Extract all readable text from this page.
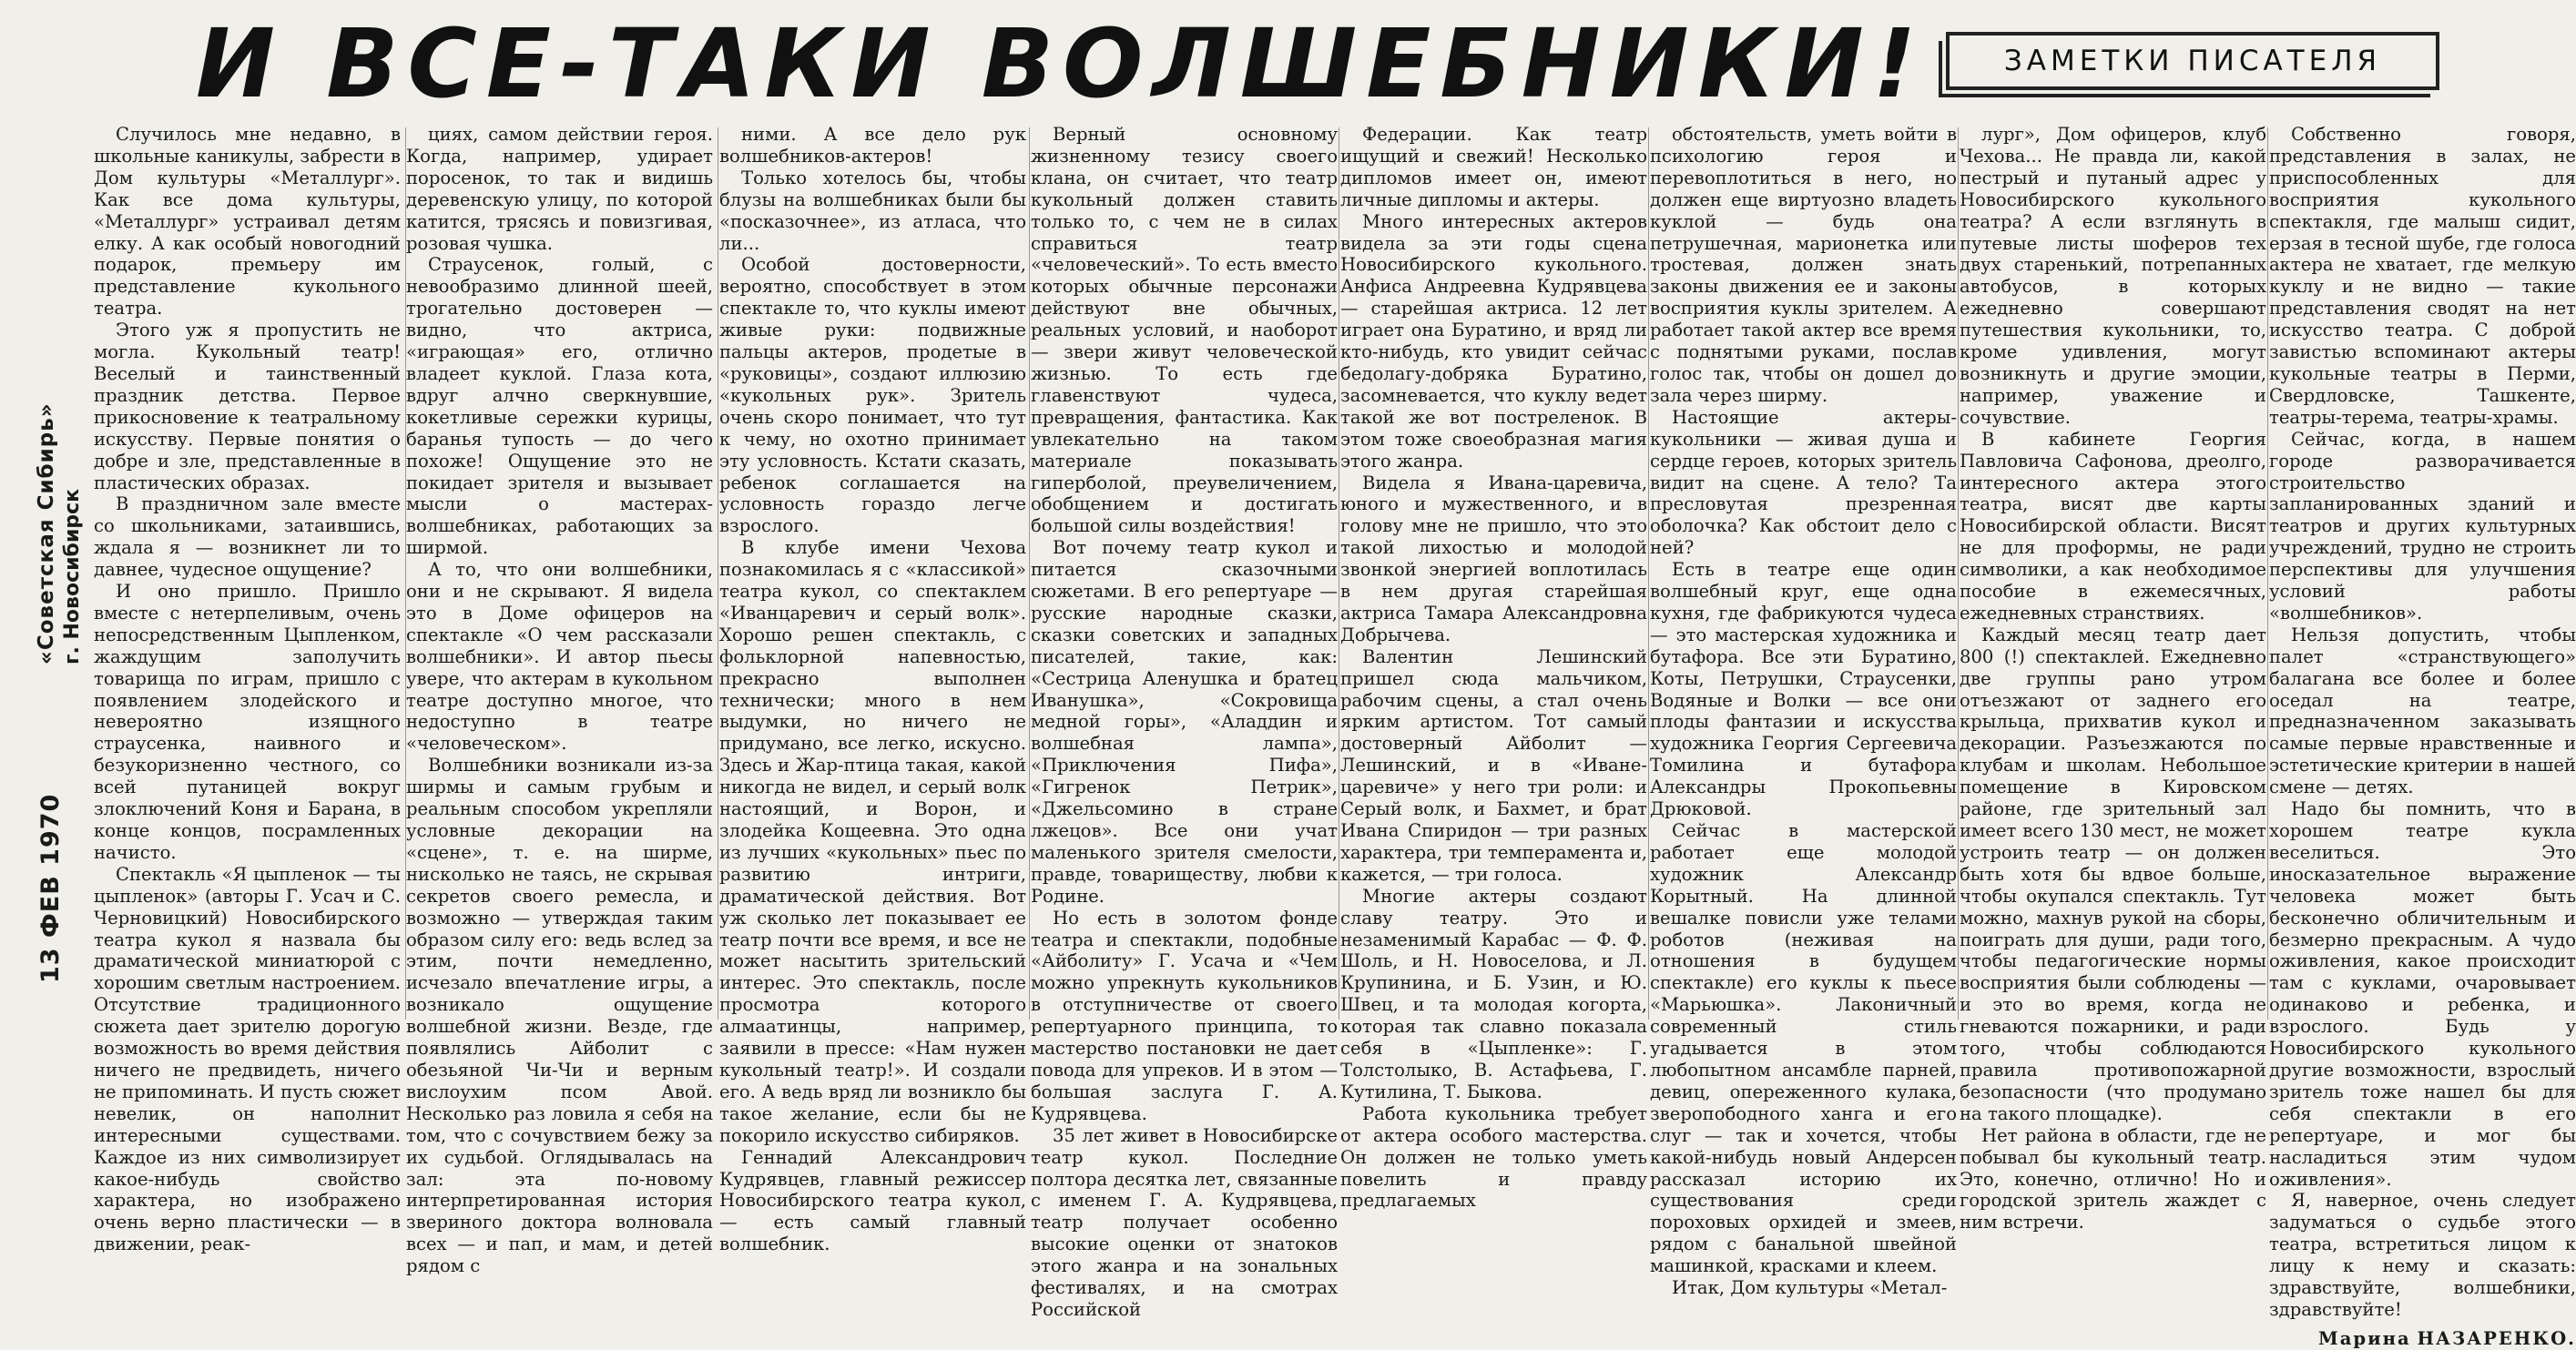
И ВСЕ-ТАКИ ВОЛШЕБНИКИ!	ЗАМЕТКИ ПИСАТЕЛЯ
«Советская Сибирь» г. Новосибирск
13 ФЕВ 1970

Случилось мне недавно, в школьные каникулы, забрести в Дом культуры «Металлург». Как все дома культуры, «Металлург» устраивал детям елку. А как особый новогодний подарок, премьеру им представление кукольного театра.

Этого уж я пропустить не могла. Кукольный театр! Веселый и таинственный праздник детства. Первое прикосновение к театральному искусству. Первые понятия о добре и зле, представленные в пластических образах.

В праздничном зале вместе со школьниками, затаившись, ждала я — возникнет ли то давнее, чудесное ощущение?

И оно пришло. Пришло вместе с нетерпеливым, очень непосредственным Цыпленком, жаждущим заполучить товарища по играм, пришло с появлением злодейского и невероятно изящного страусенка, наивного и безукоризненно честного, со всей путаницей вокруг злоключений Коня и Барана, в конце концов, посрамленных начисто.

Спектакль «Я цыпленок — ты цыпленок» (авторы Г. Усач и С. Черновицкий) Новосибирского театра кукол я назвала бы драматической миниатюрой с хорошим светлым настроением. Отсутствие традиционного сюжета дает зрителю дорогую возможность во время действия ничего не предвидеть, ничего не припоминать. И пусть сюжет невелик, он наполнит интересными существами. Каждое из них символизирует какое-нибудь свойство характера, но изображено очень верно пластически — в движении, реак-

циях, самом действии героя. Когда, например, удирает поросенок, то так и видишь деревенскую улицу, по которой катится, трясясь и повизгивая, розовая чушка.

Страусенок, голый, с невообразимо длинной шеей, трогательно достоверен — видно, что актриса, «играющая» его, отлично владеет куклой. Глаза кота, вдруг алчно сверкнувшие, кокетливые сережки курицы, баранья тупость — до чего похоже! Ощущение это не покидает зрителя и вызывает мысли о мастерах-волшебниках, работающих за ширмой.

А то, что они волшебники, они и не скрывают. Я видела это в Доме офицеров на спектакле «О чем рассказали волшебники». И автор пьесы увере, что актерам в кукольном театре доступно многое, что недоступно в театре «человеческом».

Волшебники возникали из-за ширмы и самым грубым и реальным способом укрепляли условные декорации на «сцене», т. е. на ширме, нисколько не таясь, не скрывая секретов своего ремесла, и возможно — утверждая таким образом силу его: ведь вслед за этим, почти немедленно, исчезало впечатление игры, а возникало ощущение волшебной жизни. Везде, где появлялись Айболит с обезьяной Чи-Чи и верным вислоухим псом Авой. Несколько раз ловила я себя на том, что с сочувствием бежу за их судьбой. Оглядывалась на зал: эта по-новому интерпретированная история звериного доктора волновала всех — и пап, и мам, и детей рядом с

ними. А все дело рук волшебников-актеров!

Только хотелось бы, чтобы блузы на волшебниках были бы «посказочнее», из атласа, что ли...

Особой достоверности, вероятно, способствует в этом спектакле то, что куклы имеют живые руки: подвижные пальцы актеров, продетые в «руковицы», создают иллюзию «кукольных рук». Зритель очень скоро понимает, что тут к чему, но охотно принимает эту условность. Кстати сказать, ребенок соглашается на условность гораздо легче взрослого.

В клубе имени Чехова познакомилась я с «классикой» театра кукол, со спектаклем «Иванцаревич и серый волк». Хорошо решен спектакль, с фольклорной напевностью, прекрасно выполнен технически; много в нем выдумки, но ничего не придумано, все легко, искусно. Здесь и Жар-птица такая, какой никогда не видел, и серый волк настоящий, и Ворон, и злодейка Кощеевна. Это одна из лучших «кукольных» пьес по развитию интриги, драматической действия. Вот уж сколько лет показывает ее театр почти все время, и все не может насытить зрительский интерес. Это спектакль, после просмотра которого алмаатинцы, например, заявили в прессе: «Нам нужен кукольный театр!». И создали его. А ведь вряд ли возникло бы такое желание, если бы не покорило искусство сибиряков.

Геннадий Александрович Кудрявцев, главный режиссер Новосибирского театра кукол, — есть самый главный волшебник.

Верный основному жизненному тезису своего клана, он считает, что театр кукольный должен ставить только то, с чем не в силах справиться театр «человеческий». То есть вместо которых обычные персонажи действуют вне обычных, реальных условий, и наоборот — звери живут человеческой жизнью. То есть где главенствуют чудеса, превращения, фантастика. Как увлекательно на таком материале показывать гиперболой, преувеличением, обобщением и достигать большой силы воздействия!

Вот почему театр кукол и питается сказочными сюжетами. В его репертуаре — русские народные сказки, сказки советских и западных писателей, такие, как: «Сестрица Аленушка и братец Иванушка», «Сокровища медной горы», «Аладдин и волшебная лампа», «Приключения Пифа», «Гигренок Петрик», «Джельсомино в стране лжецов». Все они учат маленького зрителя смелости, правде, товариществу, любви к Родине.

Но есть в золотом фонде театра и спектакли, подобные «Айболиту» Г. Усача и «Чем можно упрекнуть кукольников в отступничестве от своего репертуарного принципа, то мастерство постановки не дает повода для упреков. И в этом — большая заслуга Г. А. Кудрявцева.

35 лет живет в Новосибирске театр кукол. Последние полтора десятка лет, связанные с именем Г. А. Кудрявцева, театр получает особенно высокие оценки от знатоков этого жанра и на зональных фестивалях, и на смотрах Российской

Федерации. Как театр ищущий и свежий! Несколько дипломов имеет он, имеют личные дипломы и актеры.

Много интересных актеров видела за эти годы сцена Новосибирского кукольного. Анфиса Андреевна Кудрявцева — старейшая актриса. 12 лет играет она Буратино, и вряд ли кто-нибудь, кто увидит сейчас бедолагу-добряка Буратино, засомневается, что куклу ведет такой же вот постреленок. В этом тоже своеобразная магия этого жанра.

Видела я Ивана-царевича, юного и мужественного, и в голову мне не пришло, что это такой лихостью и молодой звонкой энергией воплотилась в нем другая старейшая актриса Тамара Александровна Добрычева.

Валентин Лешинский пришел сюда мальчиком, рабочим сцены, а стал очень ярким артистом. Тот самый достоверный Айболит — Лешинский, и в «Иване-царевиче» у него три роли: и Серый волк, и Бахмет, и брат Ивана Спиридон — три разных характера, три темперамента и, кажется, — три голоса.

Многие актеры создают славу театру. Это и незаменимый Карабас — Ф. Ф. Шоль, и Н. Новоселова, и Л. Крупинина, и Б. Узин, и Ю. Швец, и та молодая когорта, которая так славно показала себя в «Цыпленке»: Г. Толстолыко, В. Астафьева, Г. Кутилина, Т. Быкова.

Работа кукольника требует от актера особого мастерства. Он должен не только уметь повелить и правду предлагаемых

обстоятельств, уметь войти в психологию героя и перевоплотиться в него, но должен еще виртуозно владеть куклой — будь она петрушечная, марионетка или тростевая, должен знать законы движения ее и законы восприятия куклы зрителем. А работает такой актер все время с поднятыми руками, послав голос так, чтобы он дошел до зала через ширму.

Настоящие актеры-кукольники — живая душа и сердце героев, которых зритель видит на сцене. А тело? Та пресловутая презренная оболочка? Как обстоит дело с ней?

Есть в театре еще один волшебный круг, еще одна кухня, где фабрикуются чудеса — это мастерская художника и бутафора. Все эти Буратино, Коты, Петрушки, Страусенки, Водяные и Волки — все они плоды фантазии и искусства художника Георгия Сергеевича Томилина и бутафора Александры Прокопьевны Дрюковой.

Сейчас в мастерской работает еще молодой художник Александр Корытный. На длинной вешалке повисли уже телами роботов (неживая на отношения в будущем спектакле) его куклы к пьесе «Марьюшка». Лаконичный современный стиль угадывается в этом любопытном ансамбле парней, девиц, опереженного кулака, зверопободного ханга и его слуг — так и хочется, чтобы какой-нибудь новый Андерсен рассказал историю их существования среди пороховых орхидей и змеев, рядом с банальной швейной машинкой, красками и клеем.

Итак, Дом культуры «Метал-

лург», Дом офицеров, клуб Чехова... Не правда ли, какой пестрый и путаный адрес у Новосибирского кукольного театра? А если взглянуть в путевые листы шоферов тех двух старенький, потрепанных автобусов, в которых ежедневно совершают путешествия кукольники, то, кроме удивления, могут возникнуть и другие эмоции, например, уважение и сочувствие.

В кабинете Георгия Павловича Сафонова, дреолго, интересного актера этого театра, висят две карты Новосибирской области. Висят не для проформы, не ради символики, а как необходимое пособие в ежемесячных, ежедневных странствиях.

Каждый месяц театр дает 800 (!) спектаклей. Ежедневно две группы рано утром отъезжают от заднего его крыльца, прихватив кукол и декорации. Разъезжаются по клубам и школам. Небольшое помещение в Кировском районе, где зрительный зал имеет всего 130 мест, не может устроить театр — он должен быть хотя бы вдвое больше, чтобы окупался спектакль. Тут можно, махнув рукой на сборы, поиграть для души, ради того, чтобы педагогические нормы восприятия были соблюдены — и это во время, когда не гневаются пожарники, и ради того, чтобы соблюдаются правила противопожарной безопасности (что продумано на такого площадке).

Нет района в области, где не побывал бы кукольный театр. Это, конечно, отлично! Но и городской зритель жаждет с ним встречи.

Собственно говоря, представления в залах, не приспособленных для восприятия кукольного спектакля, где малыш сидит, ерзая в тесной шубе, где голоса актера не хватает, где мелкую куклу и не видно — такие представления сводят на нет искусство театра. С доброй завистью вспоминают актеры кукольные театры в Перми, Свердловске, Ташкенте, театры-терема, театры-храмы.

Сейчас, когда, в нашем городе разворачивается строительство запланированных зданий и театров и других культурных учреждений, трудно не строить перспективы для улучшения условий работы «волшебников».

Нельзя допустить, чтобы палет «странствующего» балагана все более и более оседал на театре, предназначенном заказывать самые первые нравственные и эстетические критерии в нашей смене — детях.

Надо бы помнить, что в хорошем театре кукла веселиться. Это иносказательное выражение человека может быть бесконечно обличительным и безмерно прекрасным. А чудо оживления, какое происходит там с куклами, очаровывает одинаково и ребенка, и взрослого. Будь у Новосибирского кукольного другие возможности, взрослый зритель тоже нашел бы для себя спектакли в его репертуаре, и мог бы насладиться этим чудом оживления».

Я, наверное, очень следует задуматься о судьбе этого театра, встретиться лицом к лицу к нему и сказать: здравствуйте, волшебники, здравствуйте!

Марина НАЗАРЕНКО.
